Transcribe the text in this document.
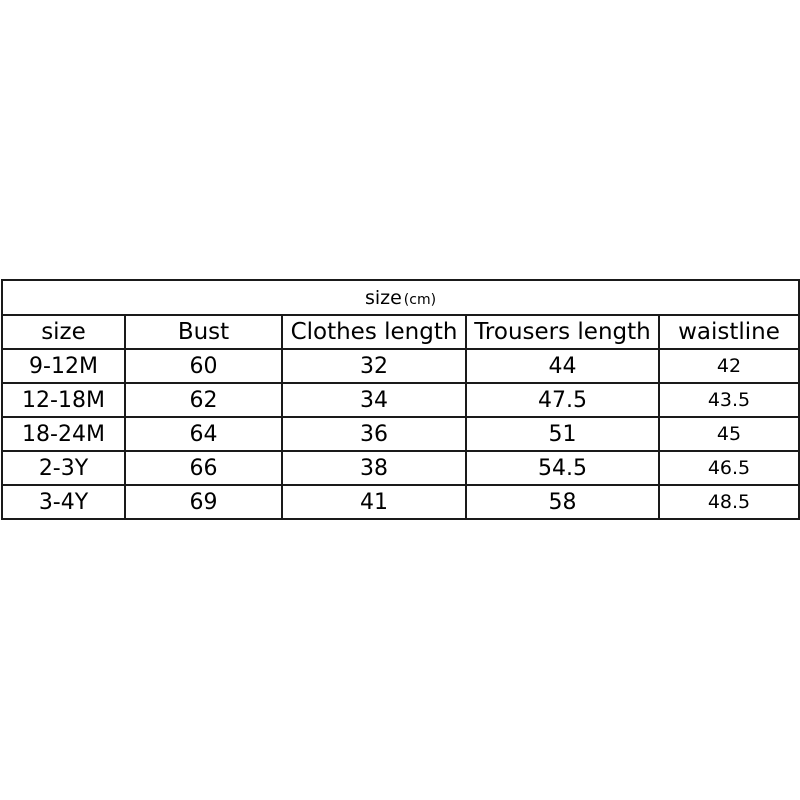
size (cm)				
size	Bust	Clothes length	Trousers length	waistline
9-12M	60	32	44	42
12-18M	62	34	47.5	43.5
18-24M	64	36	51	45
2-3Y	66	38	54.5	46.5
3-4Y	69	41	58	48.5
